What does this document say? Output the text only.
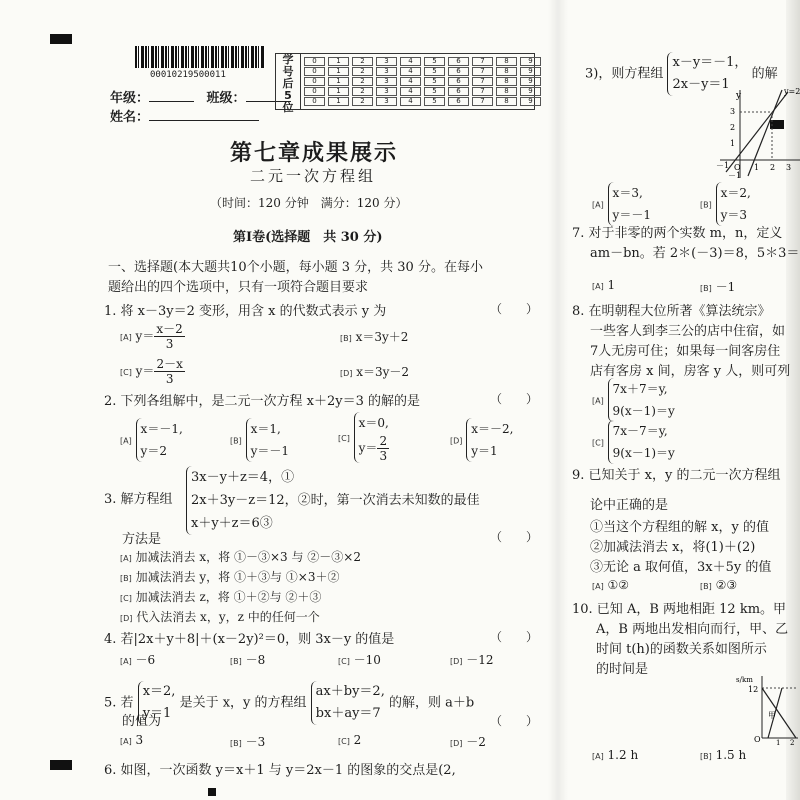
00010219500011
年级：	班级：
姓名：
学
号
后
5
位
0	1	2	3	4	5	6	7	8	9
0	1	2	3	4	5	6	7	8	9
0	1	2	3	4	5	6	7	8	9
0	1	2	3	4	5	6	7	8	9
0	1	2	3	4	5	6	7	8	9
第七章成果展示
二元一次方程组
（时间：120 分钟　满分：120 分）
第Ⅰ卷(选择题　共 30 分)
一、选择题(本大题共10个小题，每小题 3 分，共 30 分。在每小
题给出的四个选项中，只有一项符合题目要求
1. 将 x－3y＝2 变形，用含 x 的代数式表示 y 为	（　　）
[A] $y= \frac{x-2}{3}$	[B] x＝3y＋2
[C] $y= \frac{2-x}{3}$	[D] x＝3y－2
2. 下列各组解中，是二元一次方程 x＋2y＝3 的解的是	（　　）
[A] x＝－1,
y＝2
[B] x＝1,
y＝－1
[C] x＝0,
$y= \frac{2}{3}$	[D] x＝－2,
y＝1
3. 解方程组
3x－y＋z＝4，①
2x＋3y－z＝12，②时，第一次消去未知数的最佳
x＋y＋z＝6③
方法是	（　　）
[A] 加减法消去 x，将 ①－③×3 与 ②－③×2
[B] 加减法消去 y，将 ①＋③与 ①×3＋②
[C] 加减法消去 z，将 ①＋②与 ②＋③
[D] 代入法消去 x，y，z 中的任何一个
4. 若|2x＋y＋8|＋(x－2y)²＝0，则 3x－y 的值是	（　　）
[A] －6	[B] －8	[C] －10	[D] －12
5. 若 x＝2,
y＝1 是关于 x，y 的方程组 ax＋by＝2,
bx＋ay＝7 的解，则 a＋b
的值为	（　　）
[A] 3	[B] －3	[C] 2	[D] －2
6. 如图，一次函数 y＝x＋1 与 y＝2x－1 的图象的交点是(2,
3)，则方程组 x－y＝－1，
2x－y＝1 的解
y	y=2
3
2
1
－1 O 1 2 3
－1
[A] x＝3,
y＝－1
[B] x＝2,
y＝3
7. 对于非零的两个实数 m，n，定义
am－bn。若 2＊(－3)＝8，5＊3＝
[A] 1	[B] －1
8. 在明朝程大位所著《算法统宗》
一些客人到李三公的店中住宿，如
7人无房可住；如果每一间客房住
店有客房 x 间，房客 y 人，则可列
[A] 7x＋7＝y,
9(x－1)＝y
[C] 7x－7＝y,
9(x－1)＝y
9. 已知关于 x，y 的二元一次方程组
论中正确的是
①当这个方程组的解 x，y 的值
②加减法消去 x，将(1)＋(2)
③无论 a 取何值，3x＋5y 的值
[A] ①②	[B] ②③
10. 已知 A，B 两地相距 12 km。甲
A，B 两地出发相向而行，甲、乙
时间 t(h)的函数关系如图所示
的时间是
s/km
12
甲
O 1 2
[A] 1.2 h	[B] 1.5 h
